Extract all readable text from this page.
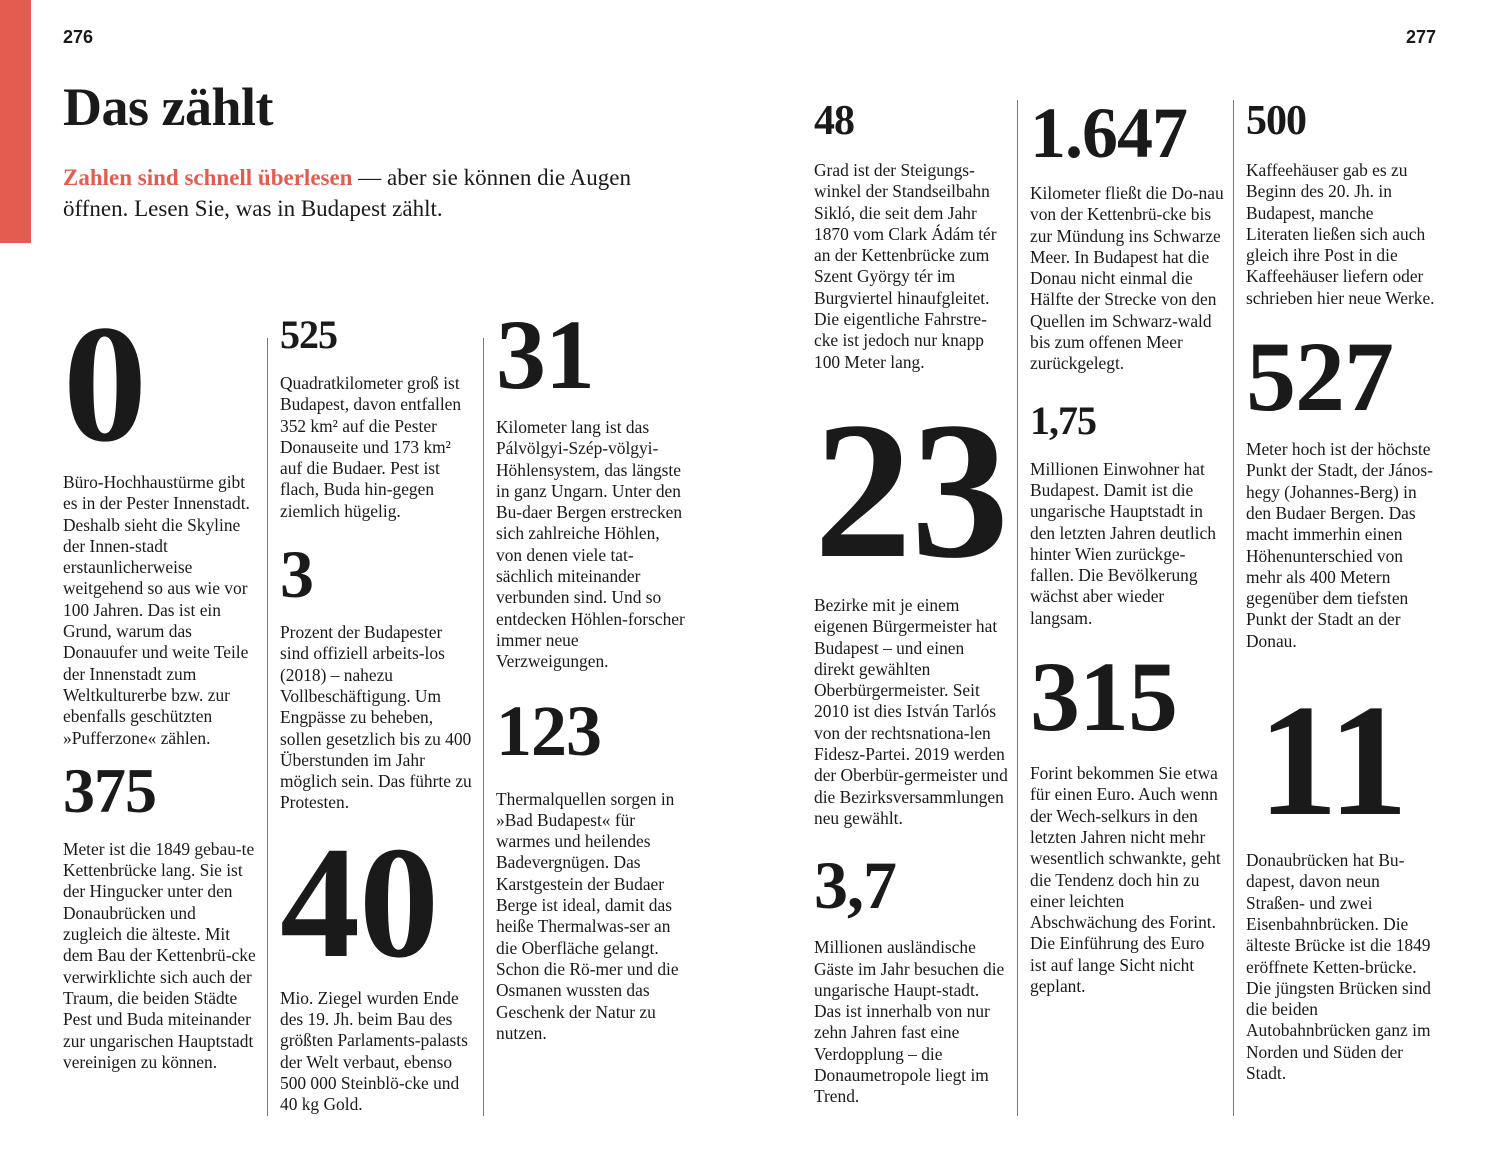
276	277
Das zählt

Zahlen sind schnell überlesen — aber sie können die Augen öffnen. Lesen Sie, was in Budapest zählt.

0

Büro-Hochhaustürme gibt es in der Pester Innenstadt. Deshalb sieht die Skyline der Innen-stadt erstaunlicherweise weitgehend so aus wie vor 100 Jahren. Das ist ein Grund, warum das Donauufer und weite Teile der Innenstadt zum Weltkulturerbe bzw. zur ebenfalls geschützten »Pufferzone« zählen.

375

Meter ist die 1849 gebau-te Kettenbrücke lang. Sie ist der Hingucker unter den Donaubrücken und zugleich die älteste. Mit dem Bau der Kettenbrü-cke verwirklichte sich auch der Traum, die beiden Städte Pest und Buda miteinander zur ungarischen Hauptstadt vereinigen zu können.

525

Quadratkilometer groß ist Budapest, davon entfallen 352 km² auf die Pester Donauseite und 173 km² auf die Budaer. Pest ist flach, Buda hin-gegen ziemlich hügelig.

3

Prozent der Budapester sind offiziell arbeits-los (2018) – nahezu Vollbeschäftigung. Um Engpässe zu beheben, sollen gesetzlich bis zu 400 Überstunden im Jahr möglich sein. Das führte zu Protesten.

40

Mio. Ziegel wurden Ende des 19. Jh. beim Bau des größten Parlaments-palasts der Welt verbaut, ebenso 500 000 Steinblö-cke und 40 kg Gold.

31

Kilometer lang ist das Pálvölgyi-Szép-völgyi-Höhlensystem, das längste in ganz Ungarn. Unter den Bu-daer Bergen erstrecken sich zahlreiche Höhlen, von denen viele tat-sächlich miteinander verbunden sind. Und so entdecken Höhlen-forscher immer neue Verzweigungen.

123

Thermalquellen sorgen in »Bad Budapest« für warmes und heilendes Badevergnügen. Das Karstgestein der Budaer Berge ist ideal, damit das heiße Thermalwas-ser an die Oberfläche gelangt. Schon die Rö-mer und die Osmanen wussten das Geschenk der Natur zu nutzen.

48

Grad ist der Steigungs-winkel der Standseilbahn Sikló, die seit dem Jahr 1870 vom Clark Ádám tér an der Kettenbrücke zum Szent György tér im Burgviertel hinaufgleitet. Die eigentliche Fahrstre-cke ist jedoch nur knapp 100 Meter lang.

23

Bezirke mit je einem eigenen Bürgermeister hat Budapest – und einen direkt gewählten Oberbürgermeister. Seit 2010 ist dies István Tarlós von der rechtsnationa-len Fidesz-Partei. 2019 werden der Oberbür-germeister und die Bezirksversammlungen neu gewählt.

3,7

Millionen ausländische Gäste im Jahr besuchen die ungarische Haupt-stadt. Das ist innerhalb von nur zehn Jahren fast eine Verdopplung – die Donaumetropole liegt im Trend.

1.647

Kilometer fließt die Do-nau von der Kettenbrü-cke bis zur Mündung ins Schwarze Meer. In Budapest hat die Donau nicht einmal die Hälfte der Strecke von den Quellen im Schwarz-wald bis zum offenen Meer zurückgelegt.

1,75

Millionen Einwohner hat Budapest. Damit ist die ungarische Hauptstadt in den letzten Jahren deutlich hinter Wien zurückge-fallen. Die Bevölkerung wächst aber wieder langsam.

315

Forint bekommen Sie etwa für einen Euro. Auch wenn der Wech-selkurs in den letzten Jahren nicht mehr wesentlich schwankte, geht die Tendenz doch hin zu einer leichten Abschwächung des Forint. Die Einführung des Euro ist auf lange Sicht nicht geplant.

500

Kaffeehäuser gab es zu Beginn des 20. Jh. in Budapest, manche Literaten ließen sich auch gleich ihre Post in die Kaffeehäuser liefern oder schrieben hier neue Werke.

527

Meter hoch ist der höchste Punkt der Stadt, der János-hegy (Johannes-Berg) in den Budaer Bergen. Das macht immerhin einen Höhenunterschied von mehr als 400 Metern gegenüber dem tiefsten Punkt der Stadt an der Donau.

11

Donaubrücken hat Bu-dapest, davon neun Straßen- und zwei Eisenbahnbrücken. Die älteste Brücke ist die 1849 eröffnete Ketten-brücke. Die jüngsten Brücken sind die beiden Autobahnbrücken ganz im Norden und Süden der Stadt.
